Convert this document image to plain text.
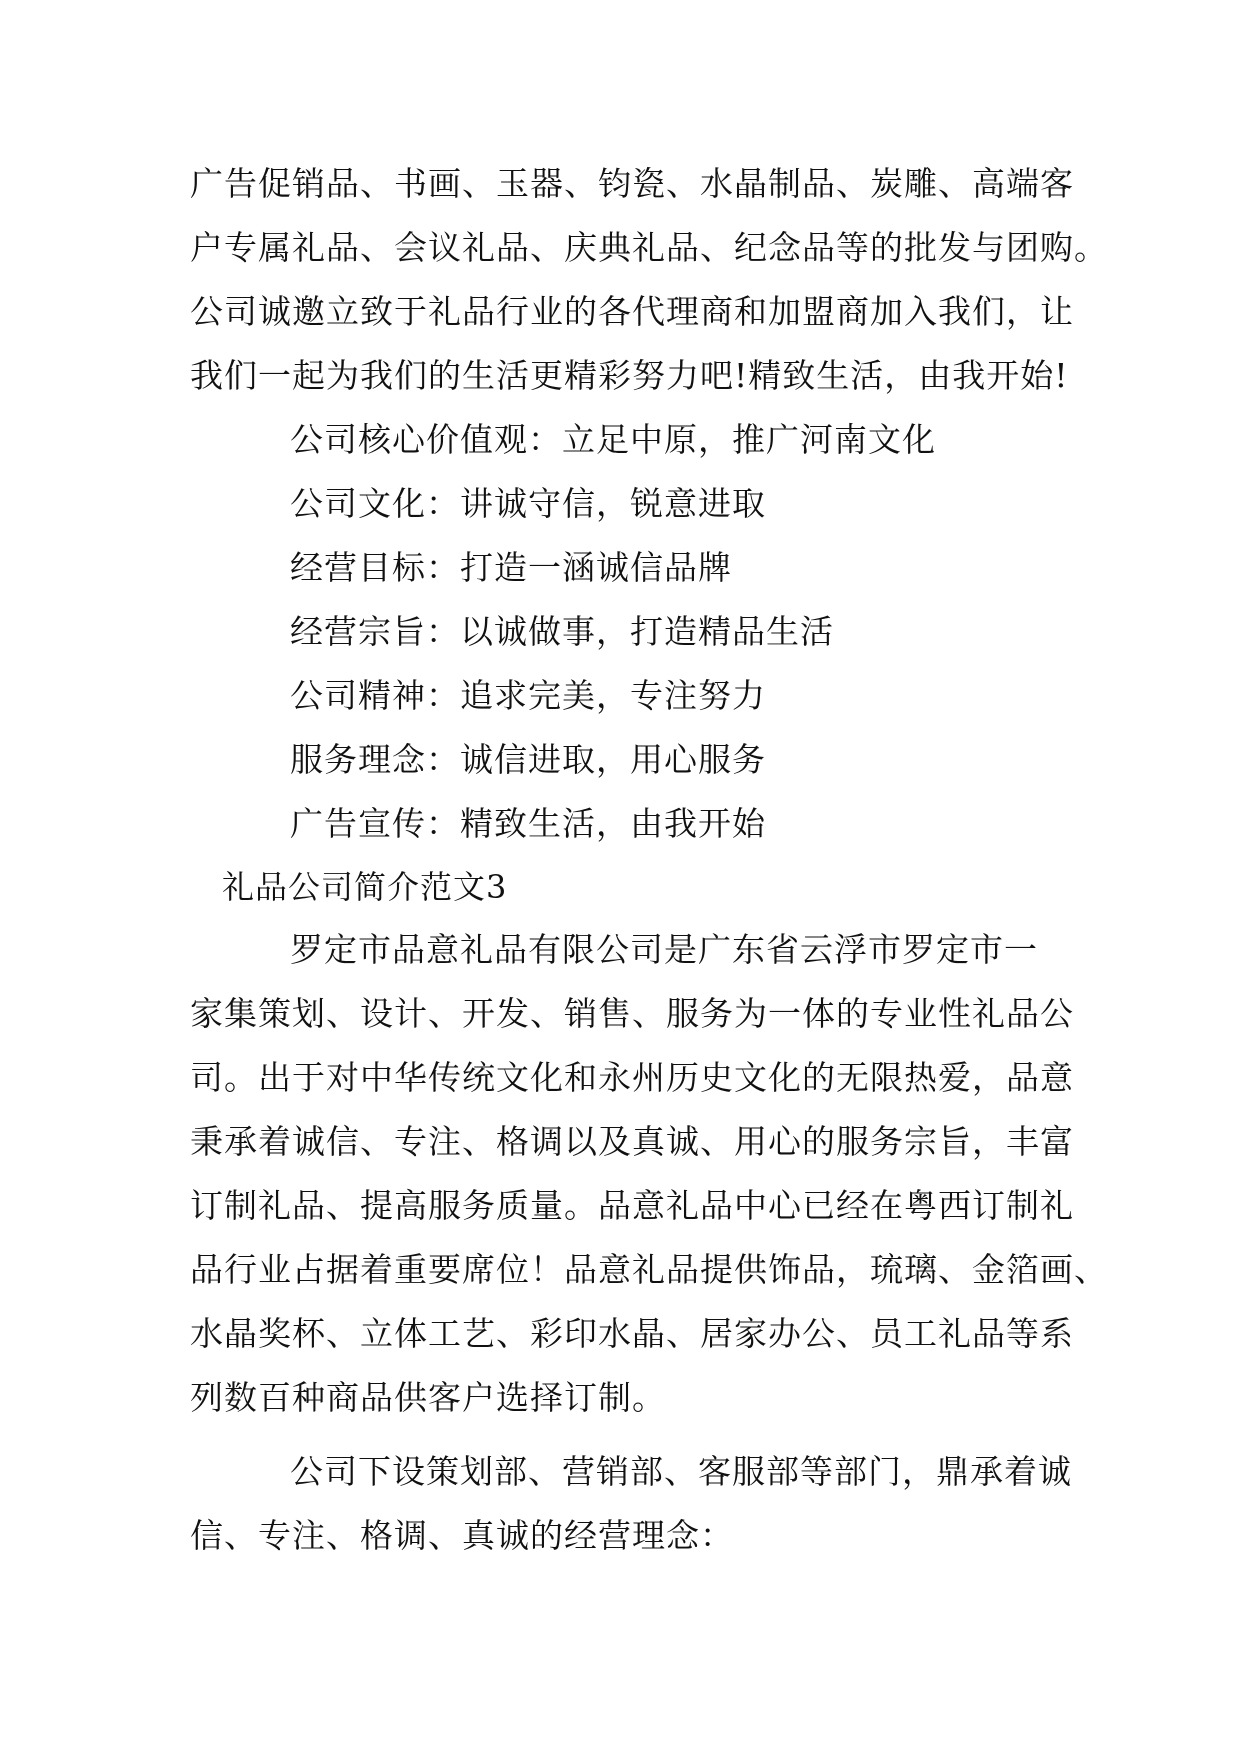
广告促销品、书画、玉器、钧瓷、水晶制品、炭雕、高端客
户专属礼品、会议礼品、庆典礼品、纪念品等的批发与团购。
公司诚邀立致于礼品行业的各代理商和加盟商加入我们，让
我们一起为我们的生活更精彩努力吧!精致生活，由我开始!
公司核心价值观：立足中原，推广河南文化
公司文化：讲诚守信，锐意进取
经营目标：打造一涵诚信品牌
经营宗旨：以诚做事，打造精品生活
公司精神：追求完美，专注努力
服务理念：诚信进取，用心服务
广告宣传：精致生活，由我开始
礼品公司简介范文3
罗定市品意礼品有限公司是广东省云浮市罗定市一
家集策划、设计、开发、销售、服务为一体的专业性礼品公
司。出于对中华传统文化和永州历史文化的无限热爱，品意
秉承着诚信、专注、格调以及真诚、用心的服务宗旨，丰富
订制礼品、提高服务质量。品意礼品中心已经在粤西订制礼
品行业占据着重要席位！品意礼品提供饰品，琉璃、金箔画、
水晶奖杯、立体工艺、彩印水晶、居家办公、员工礼品等系
列数百种商品供客户选择订制。
公司下设策划部、营销部、客服部等部门，鼎承着诚
信、专注、格调、真诚的经营理念：
